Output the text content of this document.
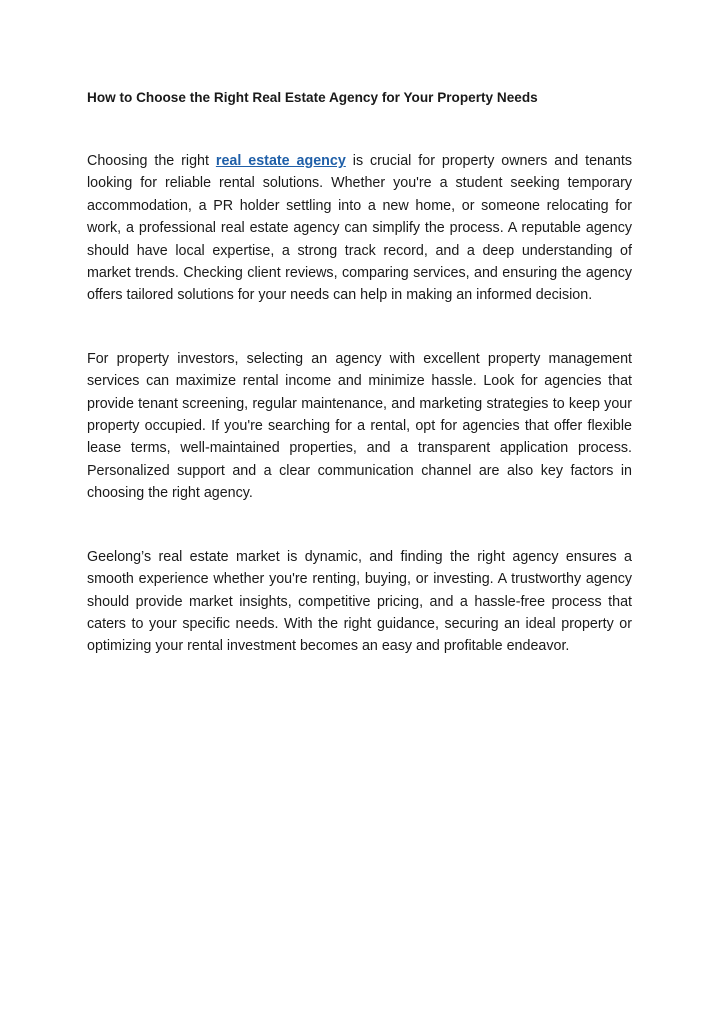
How to Choose the Right Real Estate Agency for Your Property Needs

Choosing the right real estate agency is crucial for property owners and tenants looking for reliable rental solutions. Whether you're a student seeking temporary accommodation, a PR holder settling into a new home, or someone relocating for work, a professional real estate agency can simplify the process. A reputable agency should have local expertise, a strong track record, and a deep understanding of market trends. Checking client reviews, comparing services, and ensuring the agency offers tailored solutions for your needs can help in making an informed decision.

For property investors, selecting an agency with excellent property management services can maximize rental income and minimize hassle. Look for agencies that provide tenant screening, regular maintenance, and marketing strategies to keep your property occupied. If you're searching for a rental, opt for agencies that offer flexible lease terms, well-maintained properties, and a transparent application process. Personalized support and a clear communication channel are also key factors in choosing the right agency.

Geelong’s real estate market is dynamic, and finding the right agency ensures a smooth experience whether you're renting, buying, or investing. A trustworthy agency should provide market insights, competitive pricing, and a hassle-free process that caters to your specific needs. With the right guidance, securing an ideal property or optimizing your rental investment becomes an easy and profitable endeavor.
